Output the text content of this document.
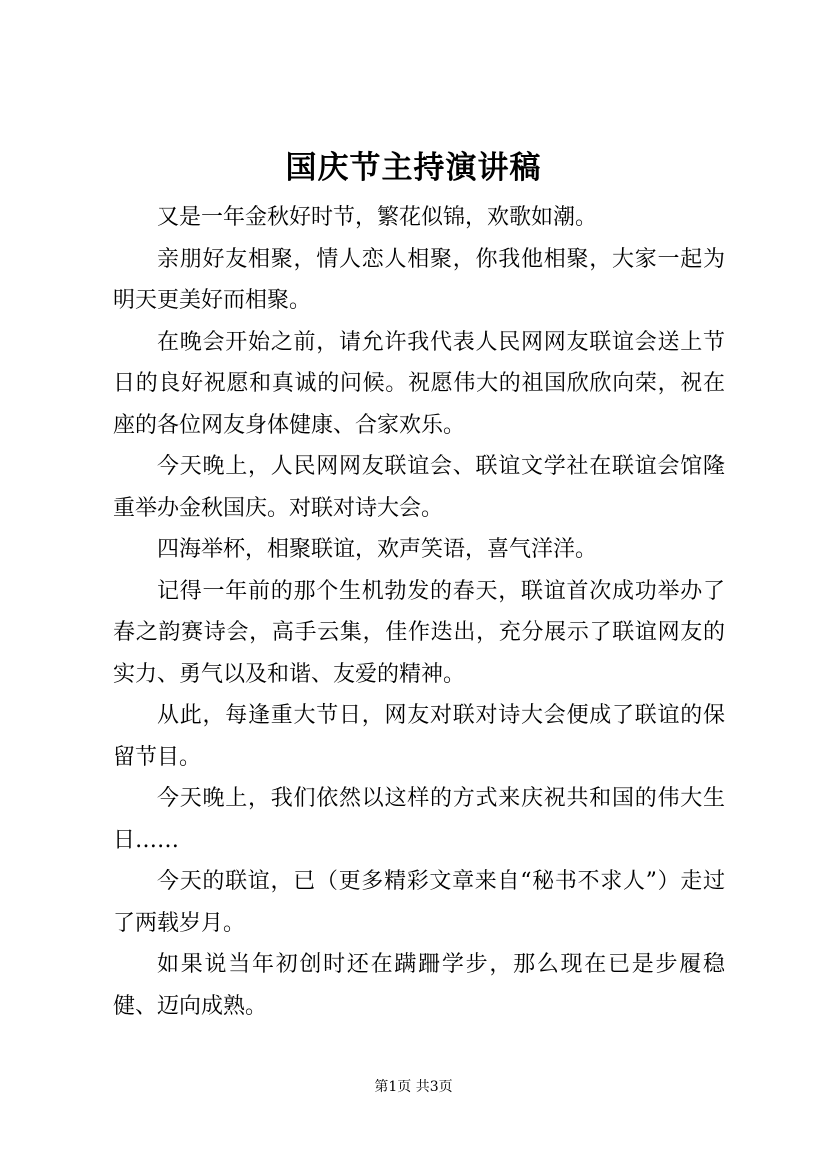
国庆节主持演讲稿

又是一年金秋好时节，繁花似锦，欢歌如潮。

亲朋好友相聚，情人恋人相聚，你我他相聚，大家一起为明天更美好而相聚。

在晚会开始之前，请允许我代表人民网网友联谊会送上节日的良好祝愿和真诚的问候。祝愿伟大的祖国欣欣向荣，祝在座的各位网友身体健康、合家欢乐。

今天晚上，人民网网友联谊会、联谊文学社在联谊会馆隆重举办金秋国庆。对联对诗大会。

四海举杯，相聚联谊，欢声笑语，喜气洋洋。

记得一年前的那个生机勃发的春天，联谊首次成功举办了春之韵赛诗会，高手云集，佳作迭出，充分展示了联谊网友的实力、勇气以及和谐、友爱的精神。

从此，每逢重大节日，网友对联对诗大会便成了联谊的保留节目。

今天晚上，我们依然以这样的方式来庆祝共和国的伟大生日……

今天的联谊，已（更多精彩文章来自“秘书不求人”）走过了两载岁月。

如果说当年初创时还在蹒跚学步，那么现在已是步履稳健、迈向成熟。

第1页 共3页
